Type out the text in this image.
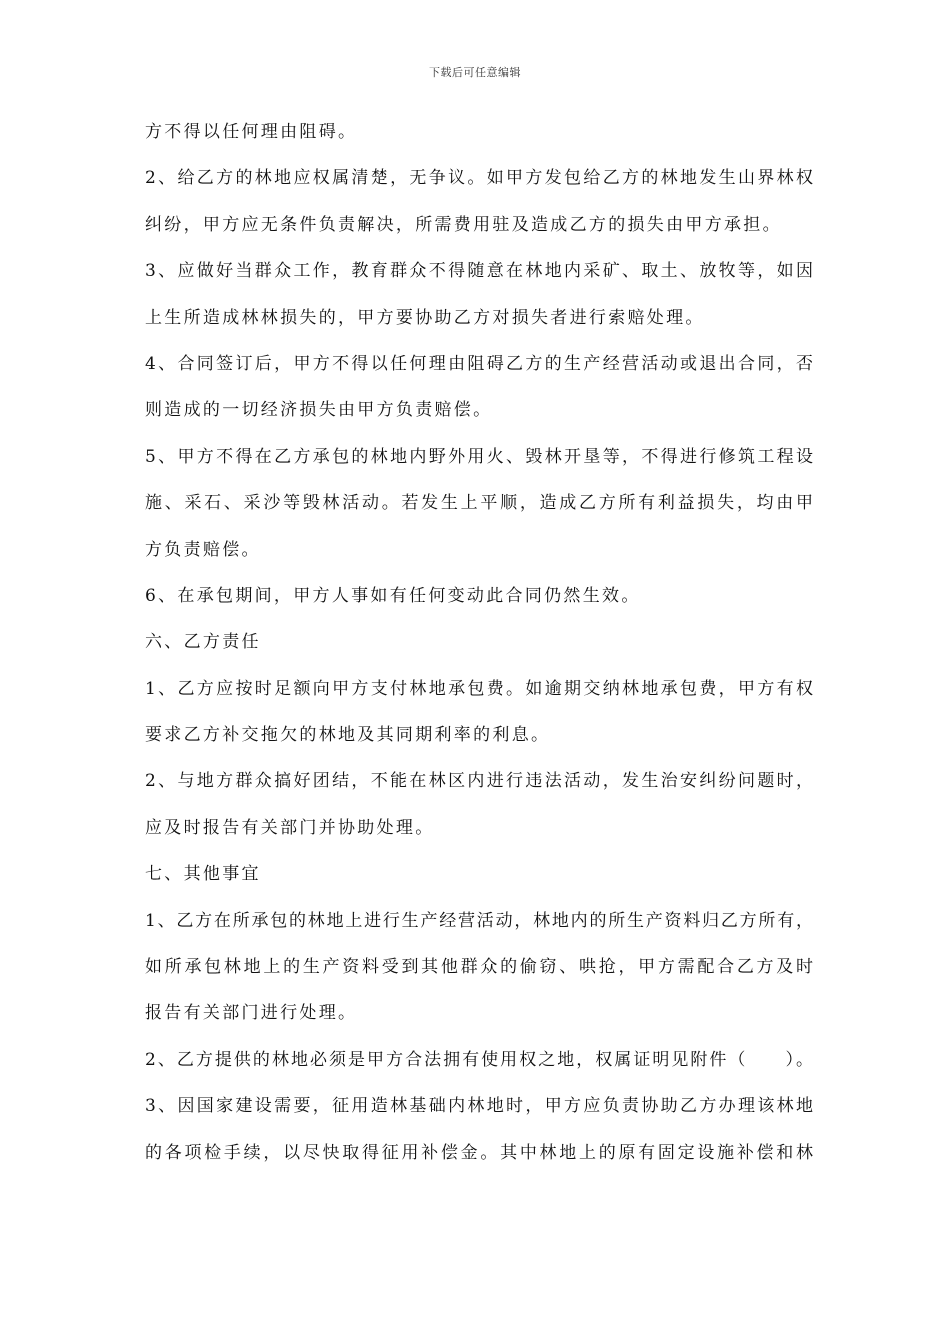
下载后可任意编辑
方不得以任何理由阻碍。
2、给乙方的林地应权属清楚，无争议。如甲方发包给乙方的林地发生山界林权
纠纷，甲方应无条件负责解决，所需费用驻及造成乙方的损失由甲方承担。
3、应做好当群众工作，教育群众不得随意在林地内采矿、取土、放牧等，如因
上生所造成林林损失的，甲方要协助乙方对损失者进行索赔处理。
4、合同签订后，甲方不得以任何理由阻碍乙方的生产经营活动或退出合同，否
则造成的一切经济损失由甲方负责赔偿。
5、甲方不得在乙方承包的林地内野外用火、毁林开垦等，不得进行修筑工程设
施、采石、采沙等毁林活动。若发生上平顺，造成乙方所有利益损失，均由甲
方负责赔偿。
6、在承包期间，甲方人事如有任何变动此合同仍然生效。
六、乙方责任
1、乙方应按时足额向甲方支付林地承包费。如逾期交纳林地承包费，甲方有权
要求乙方补交拖欠的林地及其同期利率的利息。
2、与地方群众搞好团结，不能在林区内进行违法活动，发生治安纠纷问题时，
应及时报告有关部门并协助处理。
七、其他事宜
1、乙方在所承包的林地上进行生产经营活动，林地内的所生产资料归乙方所有，
如所承包林地上的生产资料受到其他群众的偷窃、哄抢，甲方需配合乙方及时
报告有关部门进行处理。
2、乙方提供的林地必须是甲方合法拥有使用权之地，权属证明见附件（　　）。
3、因国家建设需要，征用造林基础内林地时，甲方应负责协助乙方办理该林地
的各项检手续，以尽快取得征用补偿金。其中林地上的原有固定设施补偿和林
